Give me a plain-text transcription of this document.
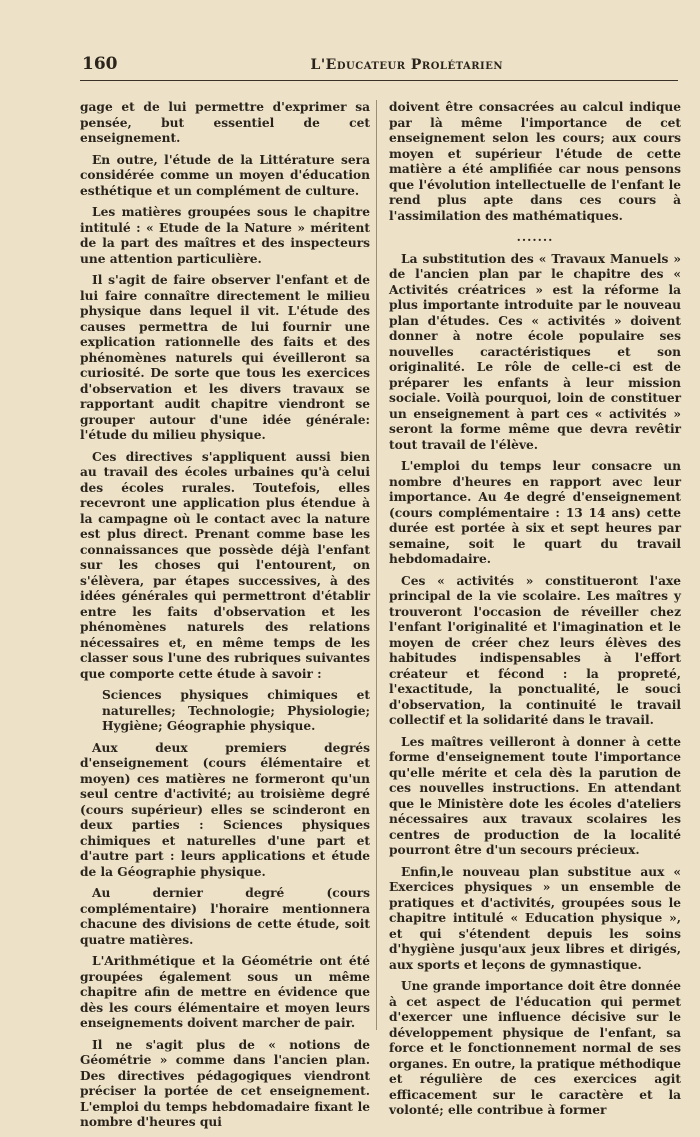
160	L'Educateur Prolétarien

gage et de lui permettre d'exprimer sa pensée, but essentiel de cet enseignement.

En outre, l'étude de la Littérature sera considérée comme un moyen d'éducation esthétique et un complément de culture.

Les matières groupées sous le chapitre intitulé : « Etude de la Nature » méritent de la part des maîtres et des inspecteurs une attention particulière.

Il s'agit de faire observer l'enfant et de lui faire connaître directement le milieu physique dans lequel il vit. L'étude des causes permettra de lui fournir une explication rationnelle des faits et des phénomènes naturels qui éveilleront sa curiosité. De sorte que tous les exercices d'observation et les divers travaux se rapportant audit chapitre viendront se grouper autour d'une idée générale: l'étude du milieu physique.

Ces directives s'appliquent aussi bien au travail des écoles urbaines qu'à celui des écoles rurales. Toutefois, elles recevront une application plus étendue à la campagne où le contact avec la nature est plus direct. Prenant comme base les connaissances que possède déjà l'enfant sur les choses qui l'entourent, on s'élèvera, par étapes successives, à des idées générales qui permettront d'établir entre les faits d'observation et les phénomènes naturels des relations nécessaires et, en même temps de les classer sous l'une des rubriques suivantes que comporte cette étude à savoir :

Sciences physiques chimiques et naturelles; Technologie; Physiologie; Hygiène; Géographie physique.

Aux deux premiers degrés d'enseignement (cours élémentaire et moyen) ces matières ne formeront qu'un seul centre d'activité; au troisième degré (cours supérieur) elles se scinderont en deux parties : Sciences physiques chimiques et naturelles d'une part et d'autre part : leurs applications et étude de la Géographie physique.

Au dernier degré (cours complémentaire) l'horaire mentionnera chacune des divisions de cette étude, soit quatre matières.

L'Arithmétique et la Géométrie ont été groupées également sous un même chapitre afin de mettre en évidence que dès les cours élémentaire et moyen leurs enseignements doivent marcher de pair.

Il ne s'agit plus de « notions de Géométrie » comme dans l'ancien plan. Des directives pédagogiques viendront préciser la portée de cet enseignement. L'emploi du temps hebdomadaire fixant le nombre d'heures qui

doivent être consacrées au calcul indique par là même l'importance de cet enseignement selon les cours; aux cours moyen et supérieur l'étude de cette matière a été amplifiée car nous pensons que l'évolution intellectuelle de l'enfant le rend plus apte dans ces cours à l'assimilation des mathématiques.

.......

La substitution des « Travaux Manuels » de l'ancien plan par le chapitre des « Activités créatrices » est la réforme la plus importante introduite par le nouveau plan d'études. Ces « activités » doivent donner à notre école populaire ses nouvelles caractéristiques et son originalité. Le rôle de celle-ci est de préparer les enfants à leur mission sociale. Voilà pourquoi, loin de constituer un enseignement à part ces « activités » seront la forme même que devra revêtir tout travail de l'élève.

L'emploi du temps leur consacre un nombre d'heures en rapport avec leur importance. Au 4e degré d'enseignement (cours complémentaire : 13 14 ans) cette durée est portée à six et sept heures par semaine, soit le quart du travail hebdomadaire.

Ces « activités » constitueront l'axe principal de la vie scolaire. Les maîtres y trouveront l'occasion de réveiller chez l'enfant l'originalité et l'imagination et le moyen de créer chez leurs élèves des habitudes indispensables à l'effort créateur et fécond : la propreté, l'exactitude, la ponctualité, le souci d'observation, la continuité le travail collectif et la solidarité dans le travail.

Les maîtres veilleront à donner à cette forme d'enseignement toute l'importance qu'elle mérite et cela dès la parution de ces nouvelles instructions. En attendant que le Ministère dote les écoles d'ateliers nécessaires aux travaux scolaires les centres de production de la localité pourront être d'un secours précieux.

Enfin,le nouveau plan substitue aux « Exercices physiques » un ensemble de pratiques et d'activités, groupées sous le chapitre intitulé « Education physique », et qui s'étendent depuis les soins d'hygiène jusqu'aux jeux libres et dirigés, aux sports et leçons de gymnastique.

Une grande importance doit être donnée à cet aspect de l'éducation qui permet d'exercer une influence décisive sur le développement physique de l'enfant, sa force et le fonctionnement normal de ses organes. En outre, la pratique méthodique et régulière de ces exercices agit efficacement sur le caractère et la volonté; elle contribue à former
